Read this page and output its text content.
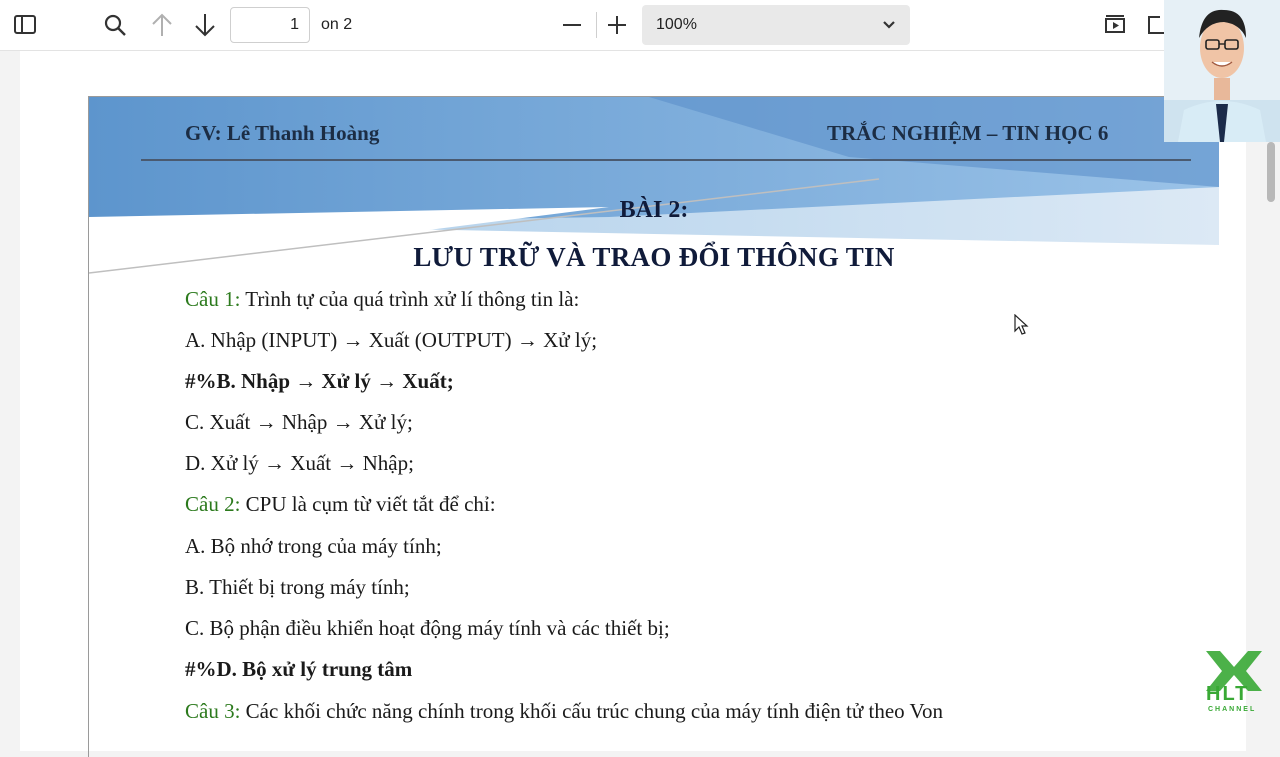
1
on 2	100%
GV: Lê Thanh Hoàng	TRẮC NGHIỆM – TIN HỌC 6
BÀI 2:
LƯU TRỮ VÀ TRAO ĐỔI THÔNG TIN
Câu 1: Trình tự của quá trình xử lí thông tin là:
A. Nhập (INPUT) → Xuất (OUTPUT) → Xử lý;
#%B. Nhập → Xử lý → Xuất;
C. Xuất → Nhập → Xử lý;
D. Xử lý → Xuất → Nhập;
Câu 2: CPU là cụm từ viết tắt để chỉ:
A. Bộ nhớ trong của máy tính;
B. Thiết bị trong máy tính;
C. Bộ phận điều khiển hoạt động máy tính và các thiết bị;
#%D. Bộ xử lý trung tâm
Câu 3: Các khối chức năng chính trong khối cấu trúc chung của máy tính điện tử theo Von
HLT
CHANNEL
